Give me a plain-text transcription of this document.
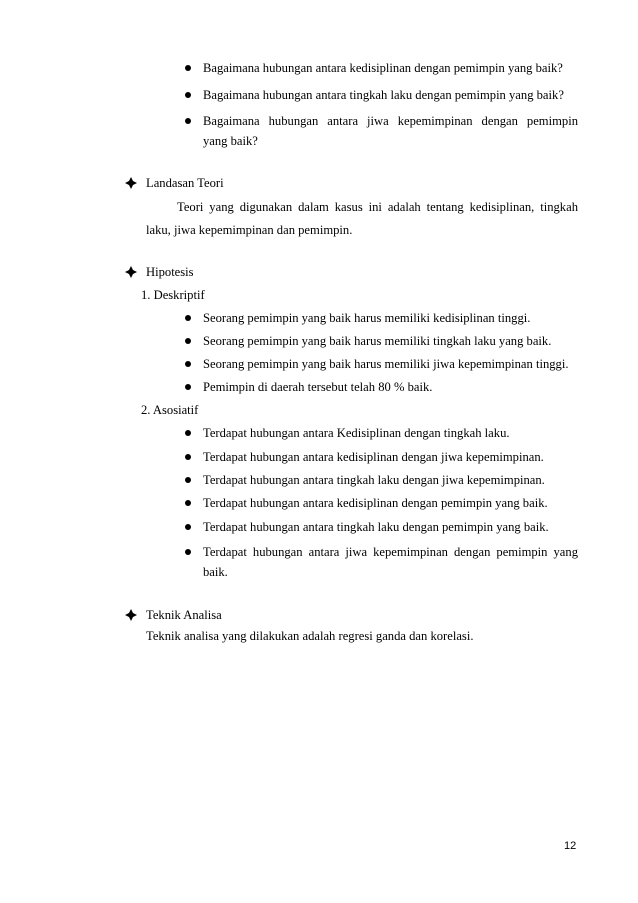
Bagaimana hubungan antara kedisiplinan dengan pemimpin yang baik?
Bagaimana hubungan antara tingkah laku dengan pemimpin yang baik?
Bagaimana hubungan antara jiwa kepemimpinan dengan pemimpin
yang baik?
Landasan Teori
Teori yang digunakan dalam kasus ini adalah tentang kedisiplinan, tingkah
laku, jiwa kepemimpinan dan pemimpin.
Hipotesis
1. Deskriptif
Seorang pemimpin yang baik harus memiliki kedisiplinan tinggi.
Seorang pemimpin yang baik harus memiliki tingkah laku yang baik.
Seorang pemimpin yang baik harus memiliki jiwa kepemimpinan tinggi.
Pemimpin di daerah tersebut telah 80 % baik.
2. Asosiatif
Terdapat hubungan antara Kedisiplinan dengan tingkah laku.
Terdapat hubungan antara kedisiplinan dengan jiwa kepemimpinan.
Terdapat hubungan antara tingkah laku dengan jiwa kepemimpinan.
Terdapat hubungan antara kedisiplinan dengan pemimpin yang baik.
Terdapat hubungan antara tingkah laku dengan pemimpin yang baik.
Terdapat hubungan antara jiwa kepemimpinan dengan pemimpin yang
baik.
Teknik Analisa
Teknik analisa yang dilakukan adalah regresi ganda dan korelasi.
12
